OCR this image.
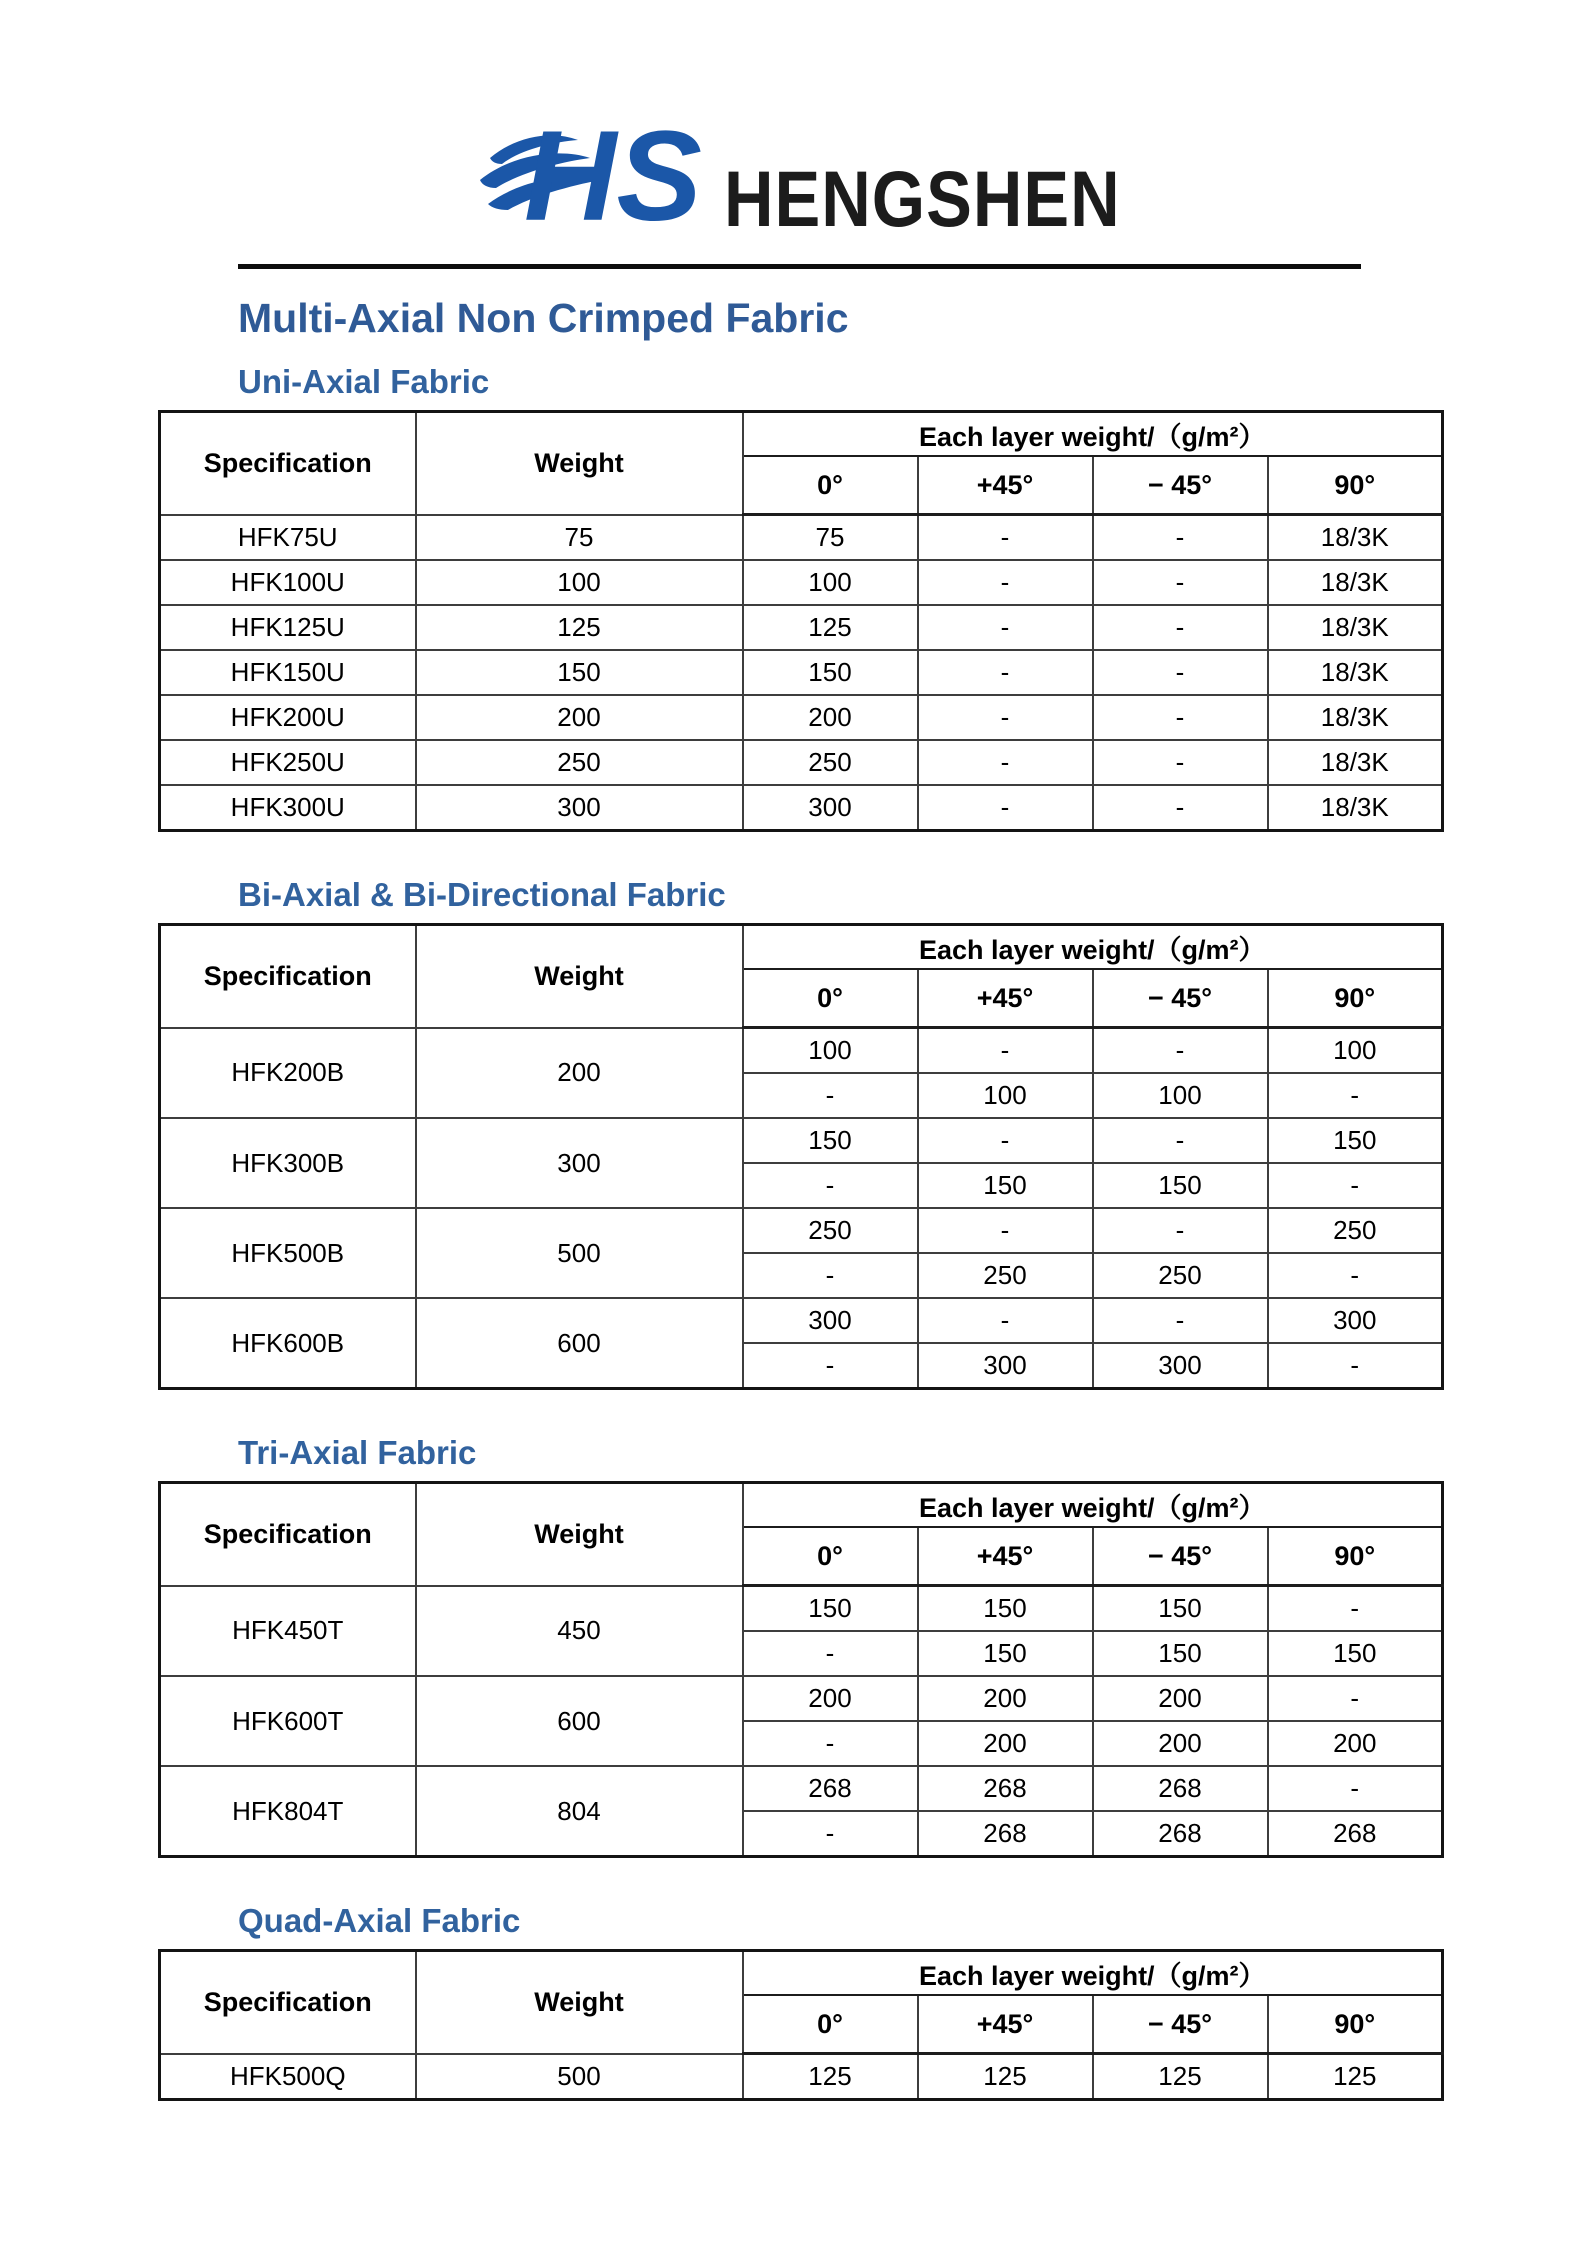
HS HENGSHEN
Multi-Axial Non Crimped Fabric
Uni-Axial Fabric
Specification	Weight	Each layer weight/（g/m²）			
		0°	+45°	− 45°	90°
HFK75U	75	75	-	-	18/3K
HFK100U	100	100	-	-	18/3K
HFK125U	125	125	-	-	18/3K
HFK150U	150	150	-	-	18/3K
HFK200U	200	200	-	-	18/3K
HFK250U	250	250	-	-	18/3K
HFK300U	300	300	-	-	18/3K
Bi-Axial & Bi-Directional Fabric
Specification	Weight	Each layer weight/（g/m²）			
		0°	+45°	− 45°	90°
HFK200B	200	100	-	-	100
		-	100	100	-
HFK300B	300	150	-	-	150
		-	150	150	-
HFK500B	500	250	-	-	250
		-	250	250	-
HFK600B	600	300	-	-	300
		-	300	300	-
Tri-Axial Fabric
Specification	Weight	Each layer weight/（g/m²）			
		0°	+45°	− 45°	90°
HFK450T	450	150	150	150	-
		-	150	150	150
HFK600T	600	200	200	200	-
		-	200	200	200
HFK804T	804	268	268	268	-
		-	268	268	268
Quad-Axial Fabric
Specification	Weight	Each layer weight/（g/m²）			
		0°	+45°	− 45°	90°
HFK500Q	500	125	125	125	125
